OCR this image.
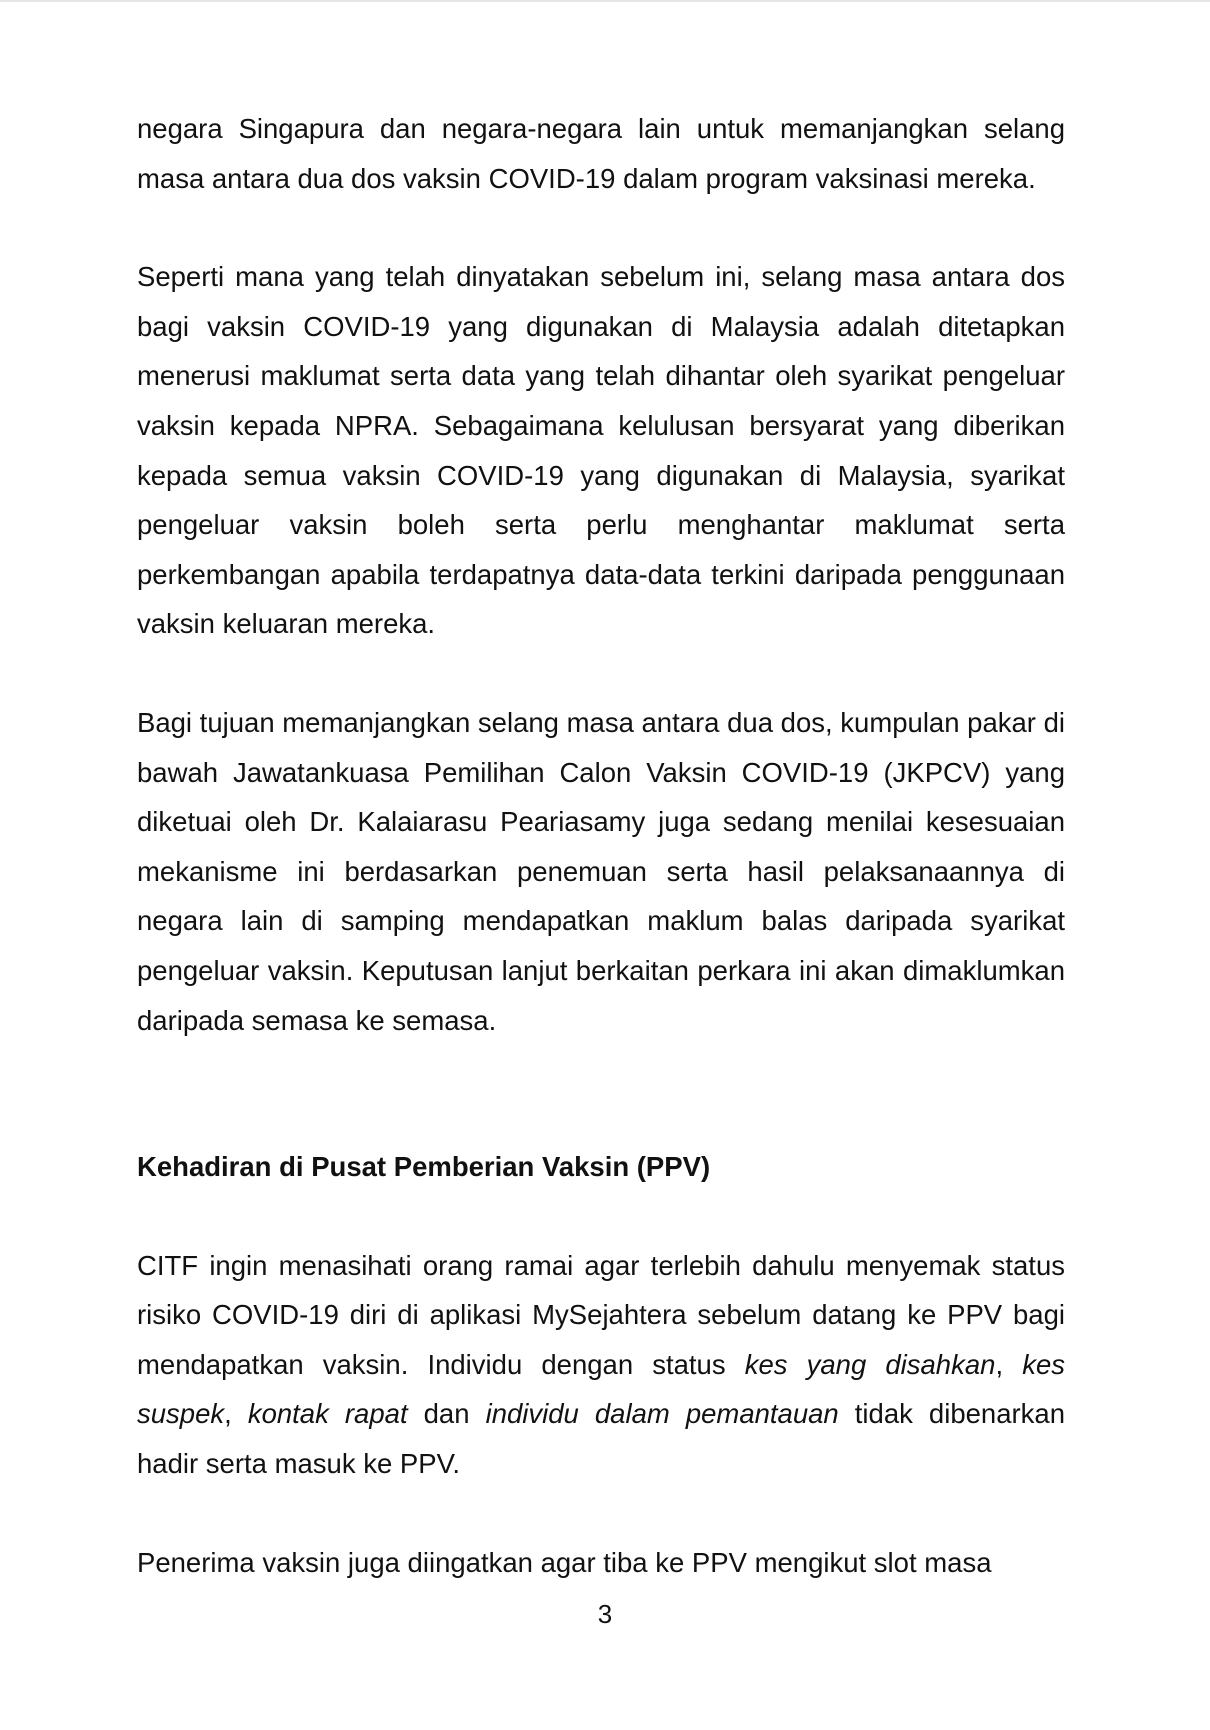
negara Singapura dan negara-negara lain untuk memanjangkan selang masa antara dua dos vaksin COVID-19 dalam program vaksinasi mereka.

Seperti mana yang telah dinyatakan sebelum ini, selang masa antara dos bagi vaksin COVID-19 yang digunakan di Malaysia adalah ditetapkan menerusi maklumat serta data yang telah dihantar oleh syarikat pengeluar vaksin kepada NPRA. Sebagaimana kelulusan bersyarat yang diberikan kepada semua vaksin COVID-19 yang digunakan di Malaysia, syarikat pengeluar vaksin boleh serta perlu menghantar maklumat serta perkembangan apabila terdapatnya data-data terkini daripada penggunaan vaksin keluaran mereka.

Bagi tujuan memanjangkan selang masa antara dua dos, kumpulan pakar di bawah Jawatankuasa Pemilihan Calon Vaksin COVID-19 (JKPCV) yang diketuai oleh Dr. Kalaiarasu Peariasamy juga sedang menilai kesesuaian mekanisme ini berdasarkan penemuan serta hasil pelaksanaannya di negara lain di samping mendapatkan maklum balas daripada syarikat pengeluar vaksin. Keputusan lanjut berkaitan perkara ini akan dimaklumkan daripada semasa ke semasa.

Kehadiran di Pusat Pemberian Vaksin (PPV)

CITF ingin menasihati orang ramai agar terlebih dahulu menyemak status risiko COVID-19 diri di aplikasi MySejahtera sebelum datang ke PPV bagi mendapatkan vaksin. Individu dengan status kes yang disahkan, kes suspek, kontak rapat dan individu dalam pemantauan tidak dibenarkan hadir serta masuk ke PPV.

Penerima vaksin juga diingatkan agar tiba ke PPV mengikut slot masa

3
